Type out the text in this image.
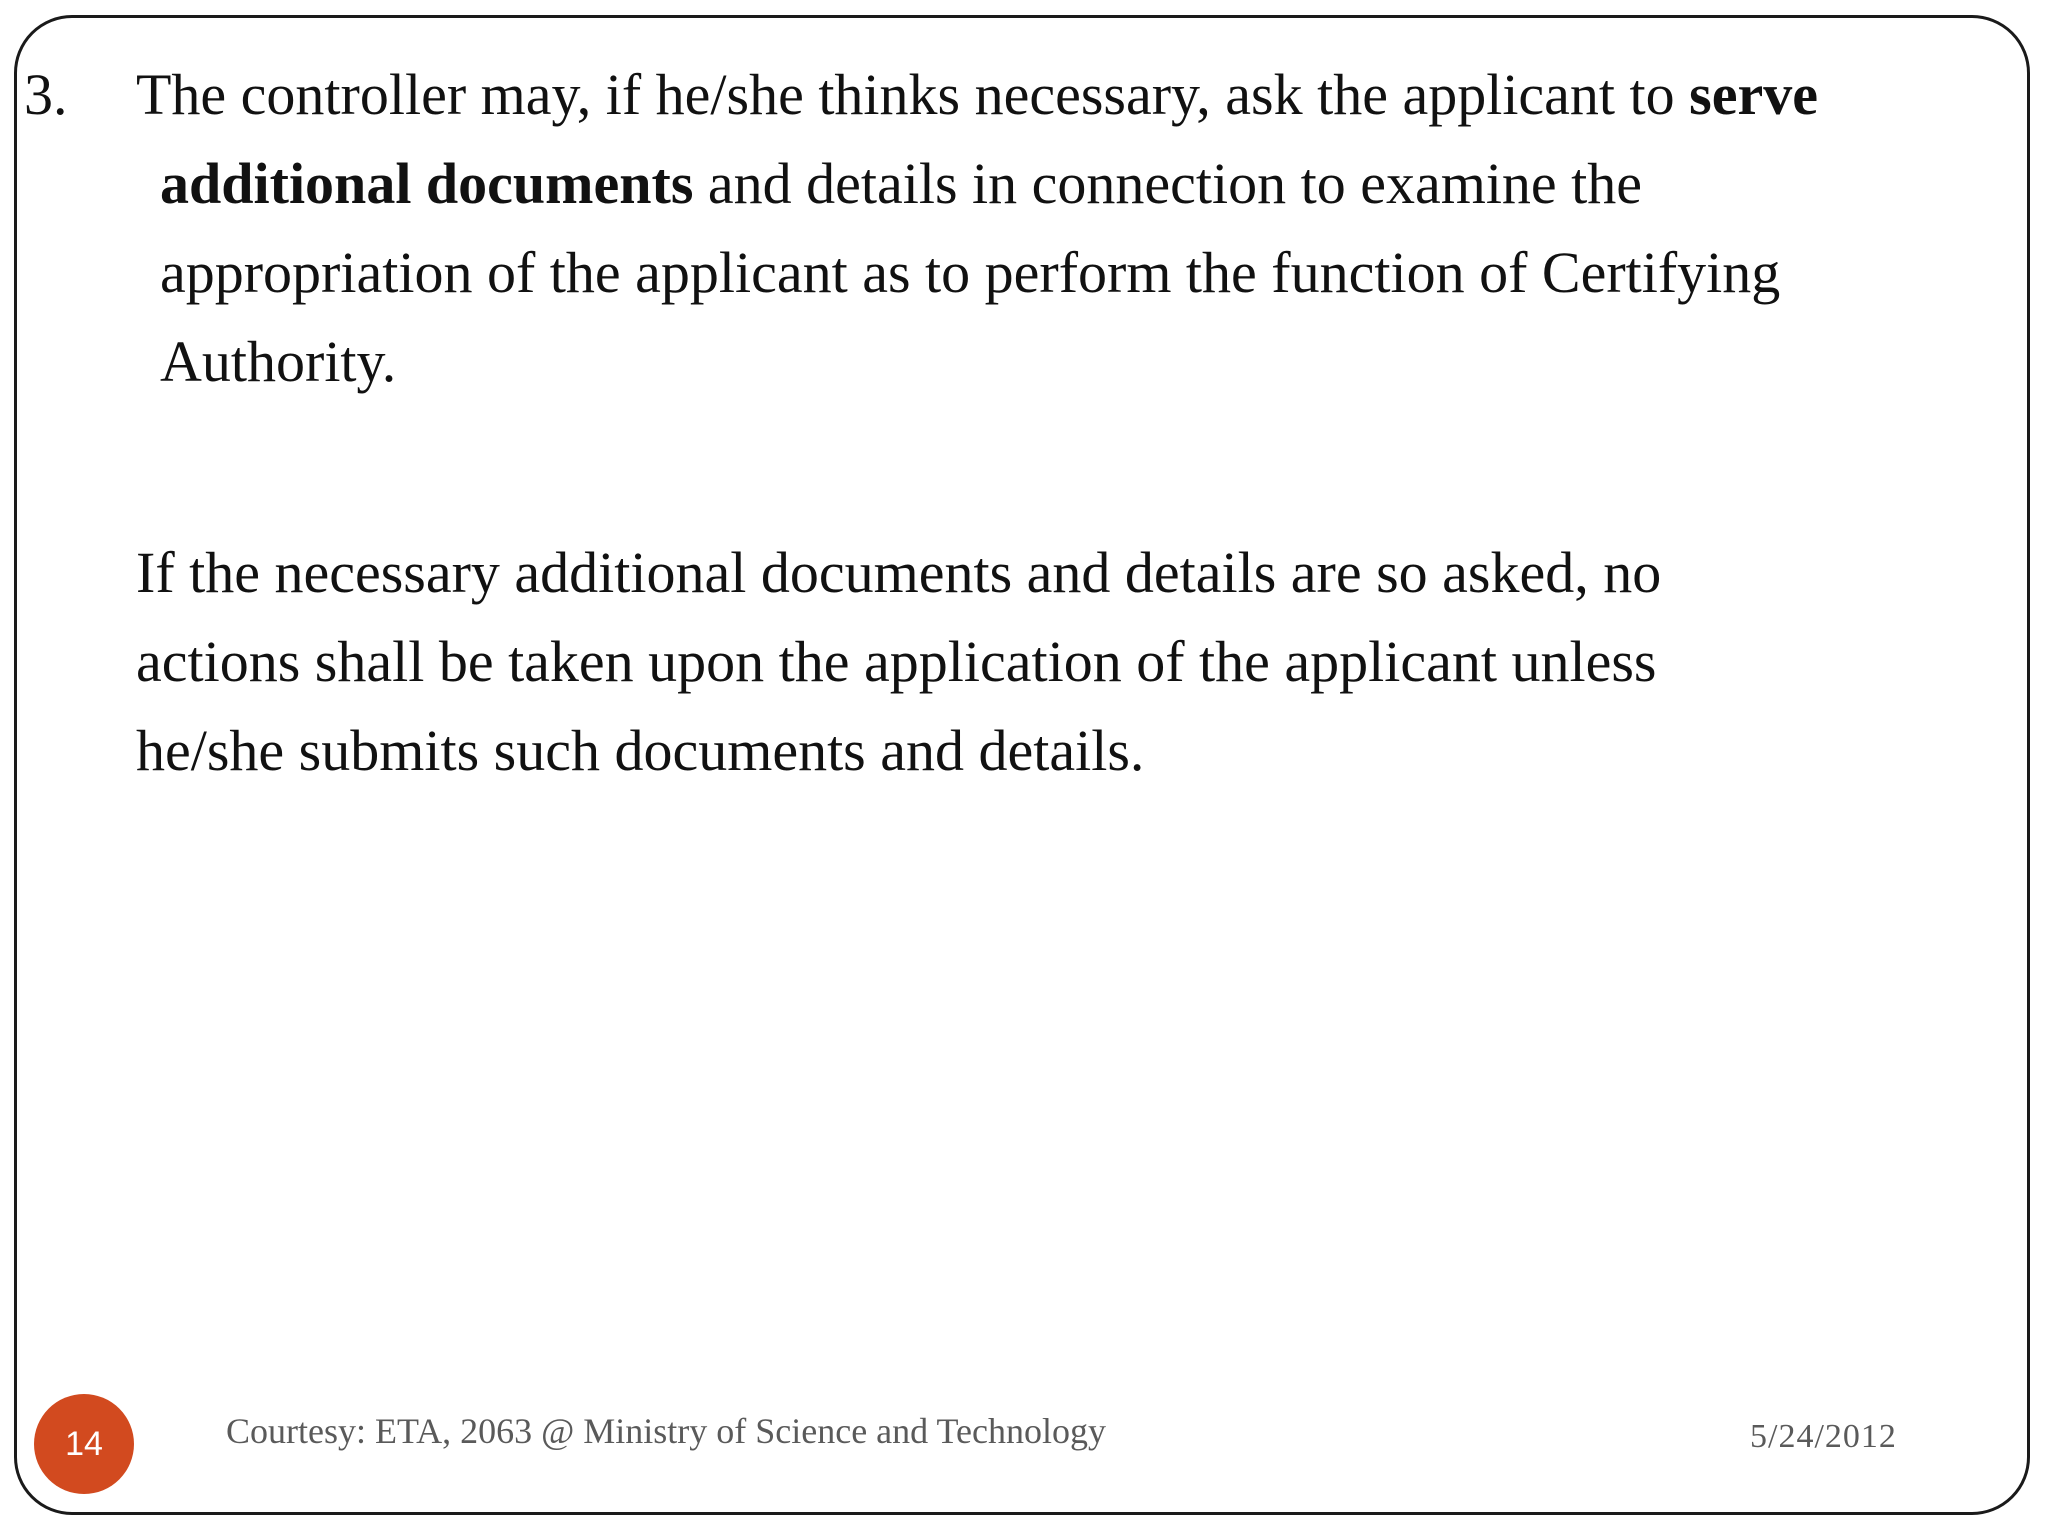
3. The controller may, if he/she thinks necessary, ask the applicant to serve
additional documents and details in connection to examine the
appropriation of the applicant as to perform the function of Certifying
Authority.
If the necessary additional documents and details are so asked, no
actions shall be taken upon the application of the applicant unless
he/she submits such documents and details.
14	Courtesy: ETA, 2063 @ Ministry of Science and Technology	5/24/2012
